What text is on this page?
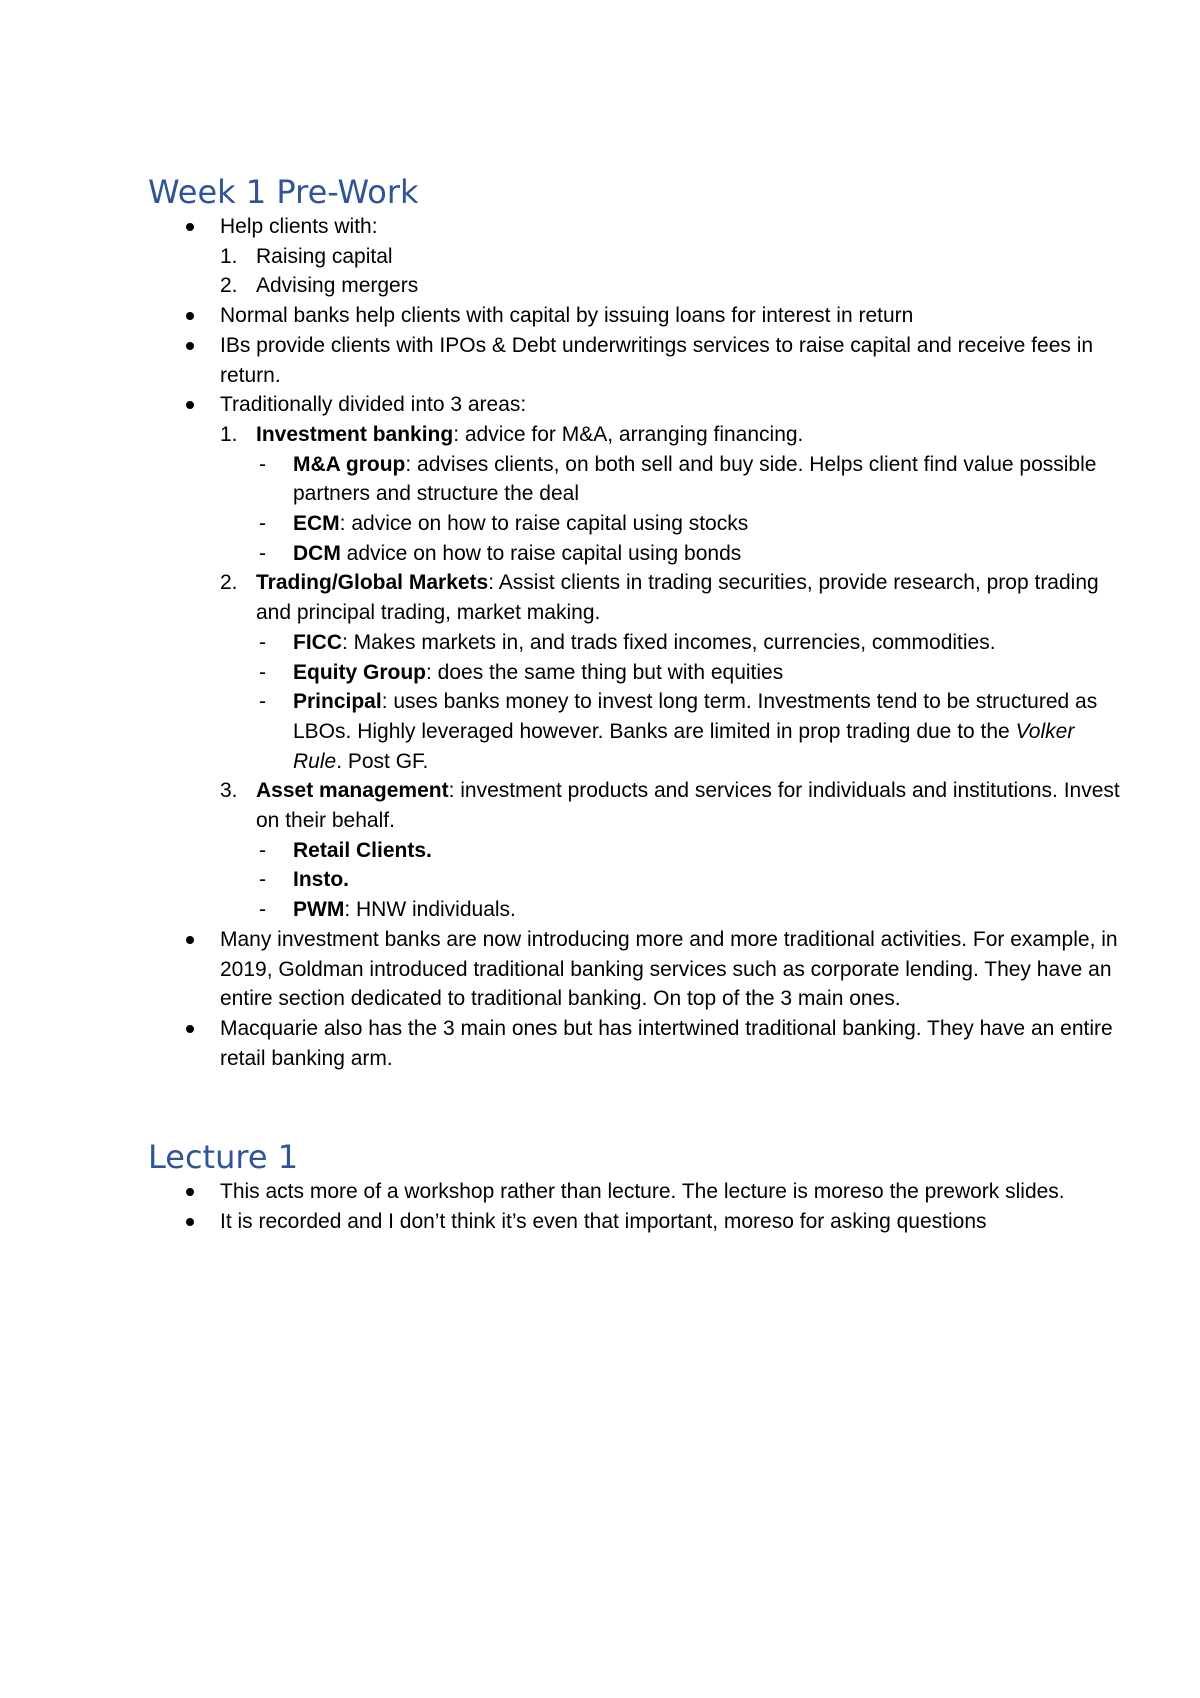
Week 1 Pre-Work
Help clients with:
1. Raising capital
2. Advising mergers
Normal banks help clients with capital by issuing loans for interest in return
IBs provide clients with IPOs & Debt underwritings services to raise capital and receive fees in return.
Traditionally divided into 3 areas:
1. Investment banking: advice for M&A, arranging financing.
- M&A group: advises clients, on both sell and buy side. Helps client find value possible partners and structure the deal
- ECM: advice on how to raise capital using stocks
- DCM advice on how to raise capital using bonds
2. Trading/Global Markets: Assist clients in trading securities, provide research, prop trading and principal trading, market making.
- FICC: Makes markets in, and trads fixed incomes, currencies, commodities.
- Equity Group: does the same thing but with equities
- Principal: uses banks money to invest long term. Investments tend to be structured as LBOs. Highly leveraged however. Banks are limited in prop trading due to the Volker Rule. Post GF.
3. Asset management: investment products and services for individuals and institutions. Invest on their behalf.
- Retail Clients.
- Insto.
- PWM: HNW individuals.
Many investment banks are now introducing more and more traditional activities. For example, in 2019, Goldman introduced traditional banking services such as corporate lending. They have an entire section dedicated to traditional banking. On top of the 3 main ones.
Macquarie also has the 3 main ones but has intertwined traditional banking. They have an entire retail banking arm.
Lecture 1
This acts more of a workshop rather than lecture. The lecture is moreso the prework slides.
It is recorded and I don’t think it’s even that important, moreso for asking questions
